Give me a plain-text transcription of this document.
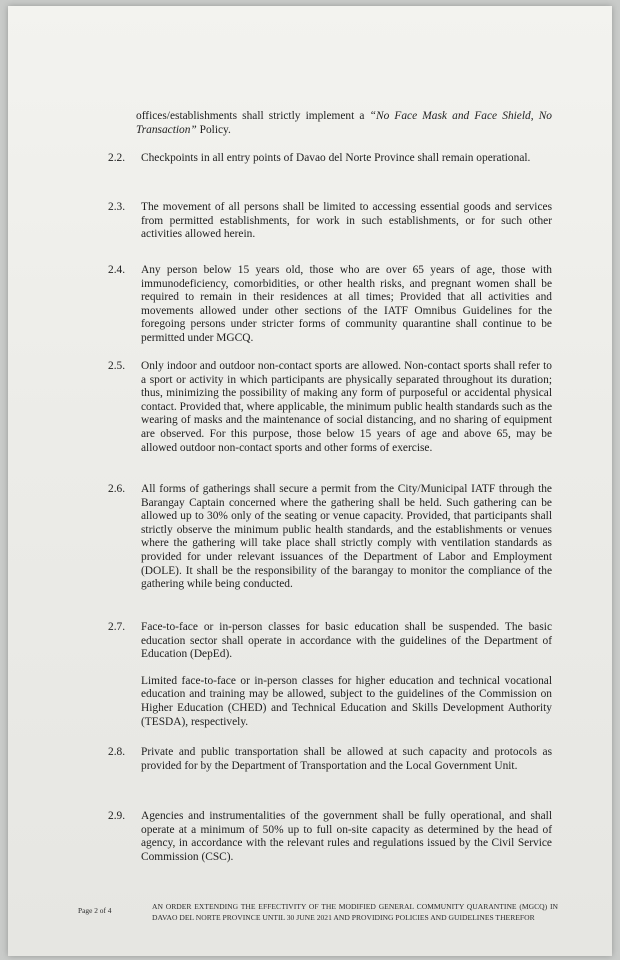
offices/establishments shall strictly implement a “No Face Mask and Face Shield, No Transaction” Policy.
2.2.	Checkpoints in all entry points of Davao del Norte Province shall remain operational.
2.3.	The movement of all persons shall be limited to accessing essential goods and services from permitted establishments, for work in such establishments, or for such other activities allowed herein.
2.4.	Any person below 15 years old, those who are over 65 years of age, those with immunodeficiency, comorbidities, or other health risks, and pregnant women shall be required to remain in their residences at all times; Provided that all activities and movements allowed under other sections of the IATF Omnibus Guidelines for the foregoing persons under stricter forms of community quarantine shall continue to be permitted under MGCQ.
2.5.	Only indoor and outdoor non-contact sports are allowed. Non-contact sports shall refer to a sport or activity in which participants are physically separated throughout its duration; thus, minimizing the possibility of making any form of purposeful or accidental physical contact. Provided that, where applicable, the minimum public health standards such as the wearing of masks and the maintenance of social distancing, and no sharing of equipment are observed. For this purpose, those below 15 years of age and above 65, may be allowed outdoor non-contact sports and other forms of exercise.
2.6.	All forms of gatherings shall secure a permit from the City/Municipal IATF through the Barangay Captain concerned where the gathering shall be held. Such gathering can be allowed up to 30% only of the seating or venue capacity. Provided, that participants shall strictly observe the minimum public health standards, and the establishments or venues where the gathering will take place shall strictly comply with ventilation standards as provided for under relevant issuances of the Department of Labor and Employment (DOLE). It shall be the responsibility of the barangay to monitor the compliance of the gathering while being conducted.
2.7.	Face-to-face or in-person classes for basic education shall be suspended. The basic education sector shall operate in accordance with the guidelines of the Department of Education (DepEd).
Limited face-to-face or in-person classes for higher education and technical vocational education and training may be allowed, subject to the guidelines of the Commission on Higher Education (CHED) and Technical Education and Skills Development Authority (TESDA), respectively.
2.8.	Private and public transportation shall be allowed at such capacity and protocols as provided for by the Department of Transportation and the Local Government Unit.
2.9.	Agencies and instrumentalities of the government shall be fully operational, and shall operate at a minimum of 50% up to full on-site capacity as determined by the head of agency, in accordance with the relevant rules and regulations issued by the Civil Service Commission (CSC).
Page 2 of 4	AN ORDER EXTENDING THE EFFECTIVITY OF THE MODIFIED GENERAL COMMUNITY QUARANTINE (MGCQ) IN DAVAO DEL NORTE PROVINCE UNTIL 30 JUNE 2021 AND PROVIDING POLICIES AND GUIDELINES THEREFOR
